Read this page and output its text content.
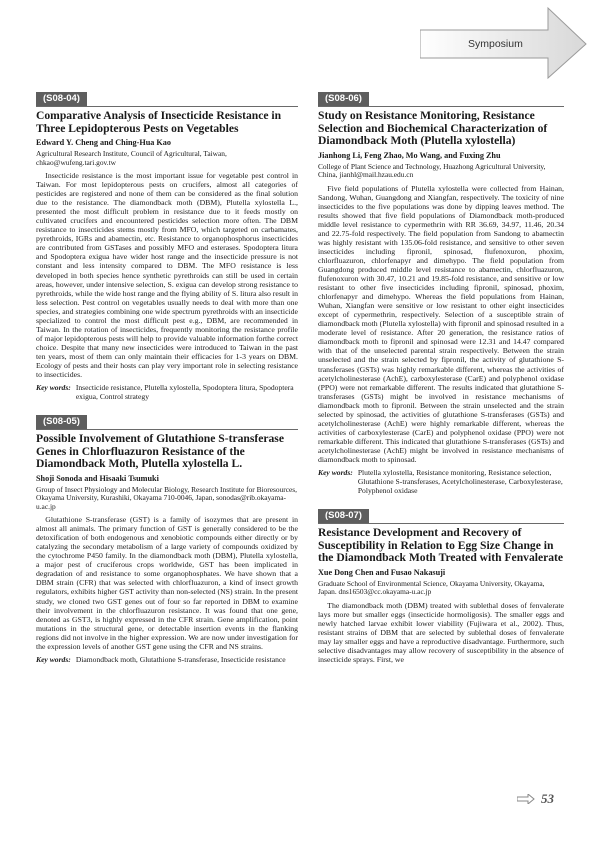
Symposium
(S08-04)
Comparative Analysis of Insecticide Resistance in Three Lepidopterous Pests on Vegetables
Edward Y. Cheng and Ching-Hua Kao
Agricultural Research Institute, Council of Agricultural, Taiwan, chkao@wufeng.tari.gov.tw

Insecticide resistance is the most important issue for vegetable pest control in Taiwan. For most lepidopterous pests on crucifers, almost all categories of pesticides are registered and none of them can be considered as the final solution due to the resistance. The diamondback moth (DBM), Plutella xylostella L., presented the most difficult problem in resistance due to it feeds mostly on cultivated crucifers and encountered pesticides selection more often. The DBM resistance to insecticides stems mostly from MFO, which targeted on carbamates, pyrethroids, IGRs and abamectin, etc. Resistance to organophosphorus insecticides are contributed from GSTases and possibly MFO and esterases. Spodoptera litura and Spodoptera exigua have wider host range and the insecticide pressure is not constant and less intensity compared to DBM. The MFO resistance is less developed in both species hence synthetic pyrethroids can still be used in certain areas, however, under intensive selection, S. exigua can develop strong resistance to pyrethroids, while the wide host range and the flying ability of S. litura also result in less selection. Pest control on vegetables usually needs to deal with more than one species, and strategies combining one wide spectrum pyrethroids with an insecticide specialized to control the most difficult pest e.g., DBM, are recommended in Taiwan. In the rotation of insecticides, frequently monitoring the resistance profile of major lepidopterous pests will help to provide valuable information forthe correct choice. Despite that many new insecticides were introduced to Taiwan in the past ten years, most of them can only maintain their efficacies for 1-3 years on DBM. Ecology of pests and their hosts can play very important role in selecting resistance to insecticides.

Key words: Insecticide resistance, Plutella xylostella, Spodoptera litura, Spodoptera exigua, Control strategy
(S08-05)
Possible Involvement of Glutathione S-transferase Genes in Chlorfluazuron Resistance of the Diamondback Moth, Plutella xylostella L.
Shoji Sonoda and Hisaaki Tsumuki
Group of Insect Physiology and Molecular Biology, Research Institute for Bioresources, Okayama University, Kurashiki, Okayama 710-0046, Japan, sonodas@rib.okayama-u.ac.jp

Glutathione S-transferase (GST) is a family of isozymes that are present in almost all animals. The primary function of GST is generally considered to be the detoxification of both endogenous and xenobiotic compounds either directly or by catalyzing the secondary metabolism of a large variety of compounds oxidized by the cytochrome P450 family. In the diamondback moth (DBM), Plutella xylostella, a major pest of cruciferous crops worldwide, GST has been implicated in degradation of and resistance to some organophosphates. We have shown that a DBM strain (CFR) that was selected with chlorfluazuron, a kind of insect growth regulators, exhibits higher GST activity than non-selected (NS) strain. In the present study, we cloned two GST genes out of four so far reported in DBM to examine their involvement in the chlorfluazuron resistance. It was found that one gene, denoted as GST3, is highly expressed in the CFR strain. Gene amplification, point mutations in the structural gene, or detectable insertion events in the flanking regions did not involve in the higher expression. We are now under investigation for the expression levels of another GST gene using the CFR and NS strains.

Key words: Diamondback moth, Glutathione S-transferase, Insecticide resistance
(S08-06)
Study on Resistance Monitoring, Resistance Selection and Biochemical Characterization of Diamondback Moth (Plutella xylostella)
Jianhong Li, Feng Zhao, Mo Wang, and Fuxing Zhu
College of Plant Science and Technology, Huazhong Agricultural University, China, jianhl@mail.hzau.edu.cn

Five field populations of Plutella xylostella were collected from Hainan, Sandong, Wuhan, Guangdong and Xiangfan, respectively. The toxicity of nine insecticides to the five populations was done by dipping leaves method. The results showed that five field populations of Diamondback moth-produced middle level resistance to cypermethrin with RR 36.69, 34.97, 11.46, 20.34 and 22.75-fold respectively. The field population from Sandong to abamectin was highly resistant with 135.06-fold resistance, and sensitive to other seven insecticides including fipronil, spinosad, flufenoxuron, phoxim, chlorfluazuron, chlorfenapyr and dimehypo. The field population from Guangdong produced middle level resistance to abamectin, chlorfluazuron, flufenoxuron with 30.47, 10.21 and 19.85-fold resistance, and sensitive or low resistant to other five insecticides including fipronil, spinosad, phoxim, chlorfenapyr and dimehypo. Whereas the field populations from Hainan, Wuhan, Xiangfan were sensitive or low resistant to other eight insecticides except of cypermethrin, respectively. Selection of a susceptible strain of diamondback moth (Plutella xylostella) with fipronil and spinosad resulted in a moderate level of resistance. After 20 generation, the resistance ratios of diamondback moth to fipronil and spinosad were 12.31 and 14.47 compared with that of the unselected parental strain respectively. Between the strain unselected and the strain selected by fipronil, the activity of glutathione S-transferases (GSTs) was highly remarkable different, whereas the activities of acetylcholinesterase (AchE), carboxylesterase (CarE) and polyphenol oxidase (PPO) were not remarkable different. The results indicated that glutathione S-transferases (GSTs) might be involved in resistance mechanisms of diamondback moth to fipronil. Between the strain unselected and the strain selected by spinosad, the activities of glutathione S-transferases (GSTs) and acetylcholinesterase (AchE) were highly remarkable different, whereas the activities of carboxylesterase (CarE) and polyphenol oxidase (PPO) were not remarkable different. This indicated that glutathione S-transferases (GSTs) and acetylcholinesterase (AchE) might be involved in resistance mechanisms of diamondback moth to spinosad.

Key words: Plutella xylostella, Resistance monitoring, Resistance selection, Glutathione S-transferases, Acetylcholinesterase, Carboxylesterase, Polyphenol oxidase
(S08-07)
Resistance Development and Recovery of Susceptibility in Relation to Egg Size Change in the Diamondback Moth Treated with Fenvalerate
Xue Dong Chen and Fusao Nakasuji
Graduate School of Environmental Science, Okayama University, Okayama, Japan. dns16503@cc.okayama-u.ac.jp

The diamondback moth (DBM) treated with sublethal doses of fenvalerate lays more but smaller eggs (insecticide hormoligosis). The smaller eggs and newly hatched larvae exhibit lower viability (Fujiwara et al., 2002). Thus, resistant strains of DBM that are selected by sublethal doses of fenvalerate may lay smaller eggs and have a reproductive disadvantage. Furthermore, such selective disadvantages may allow recovery of susceptibility in the absence of insecticide sprays. First, we

53
